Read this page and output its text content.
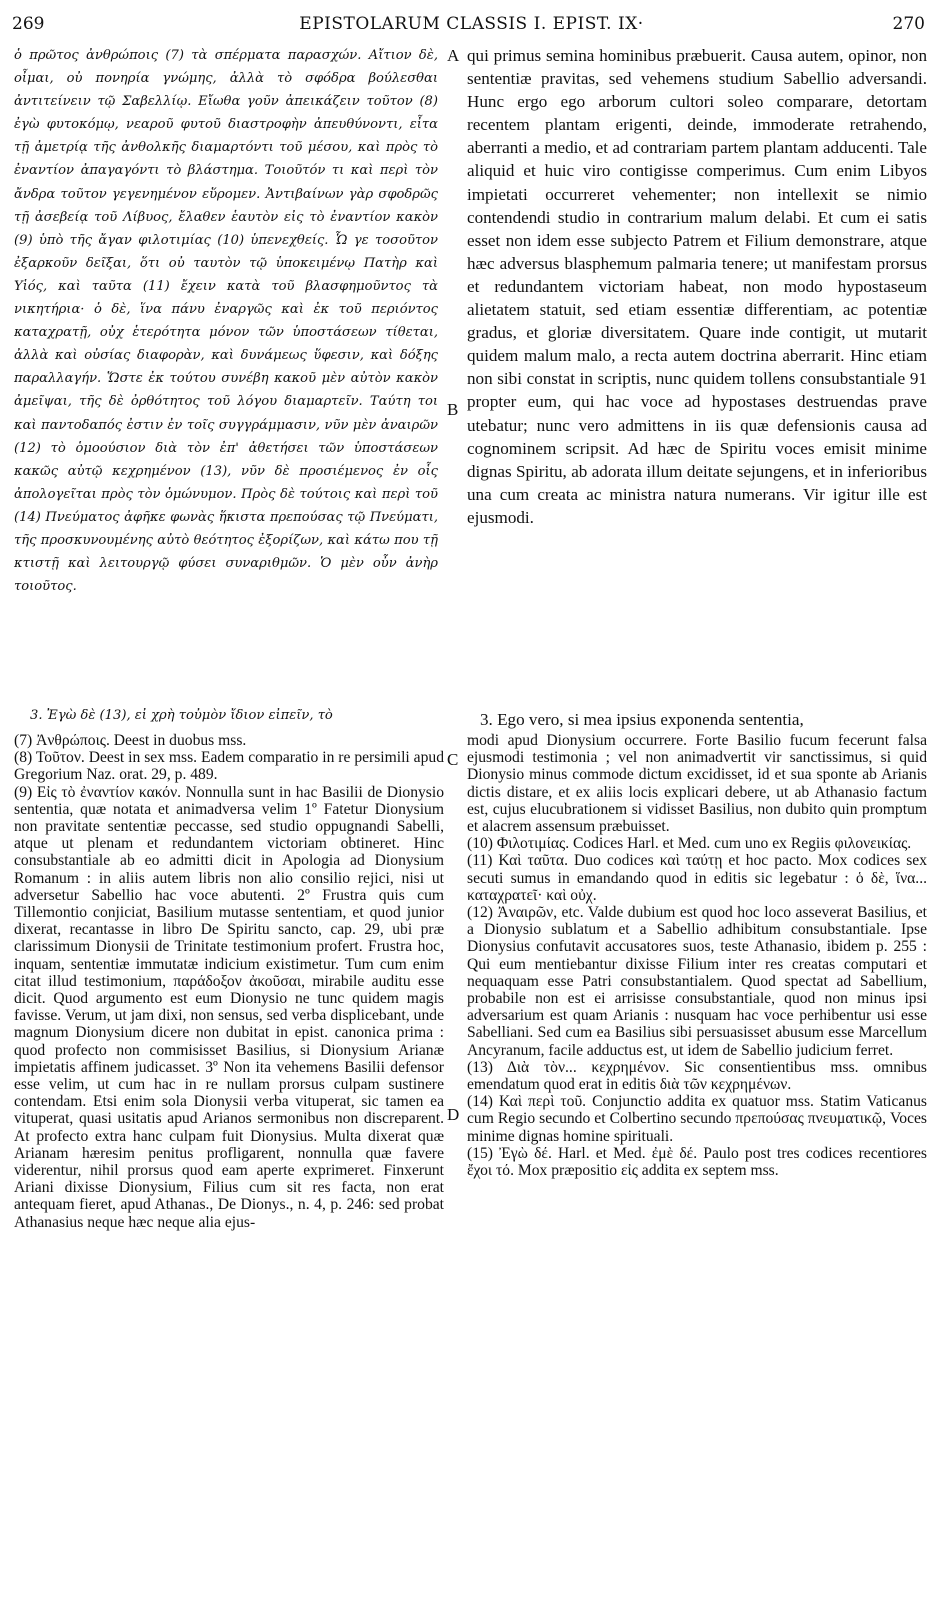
269	EPISTOLARUM CLASSIS I. EPIST. IX·	270
ὁ πρῶτος ἀνθρώποις (7) τὰ σπέρματα παρασχών. Αἴτιον δὲ, οἶμαι, οὐ πονηρία γνώμης, ἀλλὰ τὸ σφόδρα βούλεσθαι ἀντιτείνειν τῷ Σαβελλίῳ. Εἴωθα γοῦν ἀπεικάζειν τοῦτον (8) ἐγὼ φυτοκόμῳ, νεαροῦ φυτοῦ διαστροφὴν ἀπευθύνοντι, εἶτα τῇ ἀμετρίᾳ τῆς ἀνθολκῆς διαμαρτόντι τοῦ μέσου, καὶ πρὸς τὸ ἐναντίον ἀπαγαγόντι τὸ βλάστημα. Τοιοῦτόν τι καὶ περὶ τὸν ἄνδρα τοῦτον γεγενημένον εὕρομεν. Ἀντιβαίνων γὰρ σφοδρῶς τῇ ἀσεβείᾳ τοῦ Λίβυος, ἔλαθεν ἑαυτὸν εἰς τὸ ἐναντίον κακὸν (9) ὑπὸ τῆς ἄγαν φιλοτιμίας (10) ὑπενεχθείς. Ὧ γε τοσοῦτον ἐξαρκοῦν δεῖξαι, ὅτι οὐ ταυτὸν τῷ ὑποκειμένῳ Πατὴρ καὶ Υἱός, καὶ ταῦτα (11) ἔχειν κατὰ τοῦ βλασφημοῦντος τὰ νικητήρια· ὁ δὲ, ἵνα πάνυ ἐναργῶς καὶ ἐκ τοῦ περιόντος καταχρατῇ, οὐχ ἑτερότητα μόνον τῶν ὑποστάσεων τίθεται, ἀλλὰ καὶ οὐσίας διαφορὰν, καὶ δυνάμεως ὕφεσιν, καὶ δόξης παραλλαγήν. Ὥστε ἐκ τούτου συνέβη κακοῦ μὲν αὐτὸν κακὸν ἀμεῖψαι, τῆς δὲ ὀρθότητος τοῦ λόγου διαμαρτεῖν. Ταύτη τοι καὶ παντοδαπός ἐστιν ἐν τοῖς συγγράμμασιν, νῦν μὲν ἀναιρῶν (12) τὸ ὁμοούσιον διὰ τὸν ἐπ' ἀθετήσει τῶν ὑποστάσεων κακῶς αὐτῷ κεχρημένον (13), νῦν δὲ προσιέμενος ἐν οἷς ἀπολογεῖται πρὸς τὸν ὁμώνυμον. Πρὸς δὲ τούτοις καὶ περὶ τοῦ (14) Πνεύματος ἀφῆκε φωνὰς ἥκιστα πρεπούσας τῷ Πνεύματι, τῆς προσκυνουμένης αὐτὸ θεότητος ἐξορίζων, καὶ κάτω που τῇ κτιστῇ καὶ λειτουργῷ φύσει συναριθμῶν. Ὁ μὲν οὖν ἀνὴρ τοιοῦτος.
qui primus semina hominibus præbuerit. Causa autem, opinor, non sententiæ pravitas, sed vehemens studium Sabellio adversandi. Hunc ergo ego arborum cultori soleo comparare, detortam recentem plantam erigenti, deinde, immoderate retrahendo, aberranti a medio, et ad contrariam partem plantam adducenti. Tale aliquid et huic viro contigisse comperimus. Cum enim Libyos impietati occurreret vehementer; non intellexit se nimio contendendi studio in contrarium malum delabi. Et cum ei satis esset non idem esse subjecto Patrem et Filium demonstrare, atque hæc adversus blasphemum palmaria tenere; ut manifestam prorsus et redundantem victoriam habeat, non modo hypostaseum alietatem statuit, sed etiam essentiæ differentiam, ac potentiæ gradus, et gloriæ diversitatem. Quare inde contigit, ut mutarit quidem malum malo, a recta autem doctrina aberrarit. Hinc etiam non sibi constat in scriptis, nunc quidem tollens consubstantiale 91 propter eum, qui hac voce ad hypostases destruendas prave utebatur; nunc vero admittens in iis quæ defensionis causa ad cognominem scripsit. Ad hæc de Spiritu voces emisit minime dignas Spiritu, ab adorata illum deitate sejungens, et in inferioribus una cum creata ac ministra natura numerans. Vir igitur ille est ejusmodi.
3. Ἐγὼ δὲ (13), εἰ χρὴ τοὐμὸν ἴδιον εἰπεῖν, τὸ	3. Ego vero, si mea ipsius exponenda sententia,
(7) Ἀνθρώποις. Deest in duobus mss.
(8) Τοῦτον. Deest in sex mss. Eadem comparatio in re persimili apud Gregorium Naz. orat. 29, p. 489.
(9) Εἰς τὸ ἐναντίον κακόν. Nonnulla sunt in hac Basilii de Dionysio sententia, quæ notata et animadversa velim 1º Fatetur Dionysium non pravitate sententiæ peccasse, sed studio oppugnandi Sabelli, atque ut plenam et redundantem victoriam obtineret. Hinc consubstantiale ab eo admitti dicit in Apologia ad Dionysium Romanum : in aliis autem libris non alio consilio rejici, nisi ut adversetur Sabellio hac voce abutenti. 2º Frustra quis cum Tillemontio conjiciat, Basilium mutasse sententiam, et quod junior dixerat, recantasse in libro De Spiritu sancto, cap. 29, ubi præ clarissimum Dionysii de Trinitate testimonium profert. Frustra hoc, inquam, sententiæ immutatæ indicium existimetur. Tum cum enim citat illud testimonium, παράδοξον ἀκοῦσαι, mirabile auditu esse dicit. Quod argumento est eum Dionysio ne tunc quidem magis favisse. Verum, ut jam dixi, non sensus, sed verba displicebant, unde magnum Dionysium dicere non dubitat in epist. canonica prima : quod profecto non commisisset Basilius, si Dionysium Arianæ impietatis affinem judicasset. 3º Non ita vehemens Basilii defensor esse velim, ut cum hac in re nullam prorsus culpam sustinere contendam. Etsi enim sola Dionysii verba vituperat, sic tamen ea vituperat, quasi usitatis apud Arianos sermonibus non discreparent. At profecto extra hanc culpam fuit Dionysius. Multa dixerat quæ Arianam hæresim penitus profligarent, nonnulla quæ favere viderentur, nihil prorsus quod eam aperte exprimeret. Finxerunt Ariani dixisse Dionysium, Filius cum sit res facta, non erat antequam fieret, apud Athanas., De Dionys., n. 4, p. 246: sed probat Athanasius neque hæc neque alia ejus-
modi apud Dionysium occurrere. Forte Basilio fucum fecerunt falsa ejusmodi testimonia ; vel non animadvertit vir sanctissimus, si quid Dionysio minus commode dictum excidisset, id et sua sponte ab Arianis dictis distare, et ex aliis locis explicari debere, ut ab Athanasio factum est, cujus elucubrationem si vidisset Basilius, non dubito quin promptum et alacrem assensum præbuisset.
(10) Φιλοτιμίας. Codices Harl. et Med. cum uno ex Regiis φιλονεικίας.
(11) Καὶ ταῦτα. Duo codices καὶ ταύτῃ et hoc pacto. Mox codices sex secuti sumus in emandando quod in editis sic legebatur : ὁ δὲ, ἵνα... καταχρατεῖ· καὶ οὐχ.
(12) Ἀναιρῶν, etc. Valde dubium est quod hoc loco asseverat Basilius, et a Dionysio sublatum et a Sabellio adhibitum consubstantiale. Ipse Dionysius confutavit accusatores suos, teste Athanasio, ibidem p. 255 : Qui eum mentiebantur dixisse Filium inter res creatas computari et nequaquam esse Patri consubstantialem. Quod spectat ad Sabellium, probabile non est ei arrisisse consubstantiale, quod non minus ipsi adversarium est quam Arianis : nusquam hac voce perhibentur usi esse Sabelliani. Sed cum ea Basilius sibi persuasisset abusum esse Marcellum Ancyranum, facile adductus est, ut idem de Sabellio judicium ferret.
(13) Διὰ τὸν... κεχρημένον. Sic consentientibus mss. omnibus emendatum quod erat in editis διὰ τῶν κεχρημένων.
(14) Καὶ περὶ τοῦ. Conjunctio addita ex quatuor mss. Statim Vaticanus cum Regio secundo et Colbertino secundo πρεπούσας πνευματικῷ, Voces minime dignas homine spirituali.
(15) Ἐγὼ δέ. Harl. et Med. ἐμὲ δέ. Paulo post tres codices recentiores ἔχοι τό. Mox præpositio εἰς addita ex septem mss.
A
B
C
D
